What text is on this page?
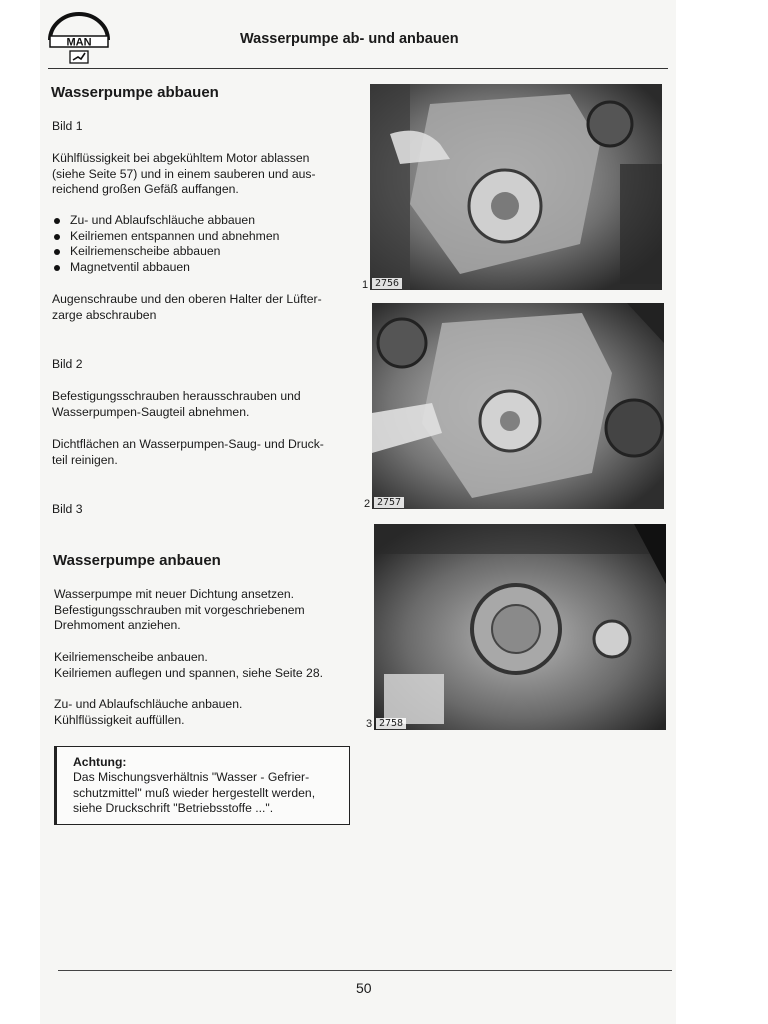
MAN	Wasserpumpe ab- und anbauen
Wasserpumpe abbauen
Bild 1
Kühlflüssigkeit bei abgekühltem Motor ablassen
(siehe Seite 57) und in einem sauberen und aus-
reichend großen Gefäß auffangen.
Zu- und Ablaufschläuche abbauen
Keilriemen entspannen und abnehmen
Keilriemenscheibe abbauen
Magnetventil abbauen
Augenschraube und den oberen Halter der Lüfter-
zarge abschrauben
Bild 2
Befestigungsschrauben herausschrauben und
Wasserpumpen-Saugteil abnehmen.
Dichtflächen an Wasserpumpen-Saug- und Druck-
teil reinigen.
Bild 3
Wasserpumpe anbauen
Wasserpumpe mit neuer Dichtung ansetzen.
Befestigungsschrauben mit vorgeschriebenem
Drehmoment anziehen.
Keilriemenscheibe anbauen.
Keilriemen auflegen und spannen, siehe Seite 28.
Zu- und Ablaufschläuche anbauen.
Kühlflüssigkeit auffüllen.
Achtung:
Das Mischungsverhältnis "Wasser - Gefrier-
schutzmittel" muß wieder hergestellt werden,
siehe Druckschrift "Betriebsstoffe ...".
1 2756
2 2757
3 2758
50
